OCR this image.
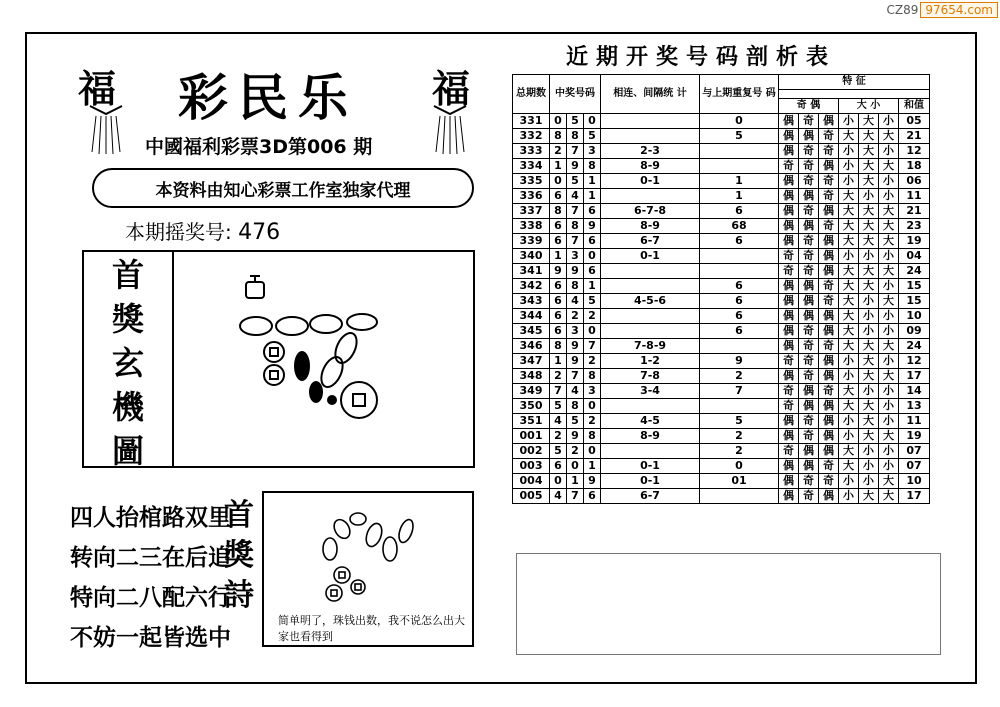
CZ89 97654.com
福	福
彩民乐
中國福利彩票3D第006 期
本资料由知心彩票工作室独家代理
本期摇奖号: 476
首
獎
玄
機
圖
四人抬棺路双里
转向二三在后追
特向二八配六行
不妨一起皆选中
首
獎
詩
简单明了，珠钱出数，我不说怎么出大家也看得到
近期开奖号码剖析表
总期数	中奖号码			相连、间隔统 计	与上期重复号 码	特 征						

						奇 偶			大 小			和值
331	0	5	0		0	偶	奇	偶	小	大	小	05
332	8	8	5		5	偶	偶	奇	大	大	大	21
333	2	7	3	2-3		偶	奇	奇	小	大	小	12
334	1	9	8	8-9		奇	奇	偶	小	大	大	18
335	0	5	1	0-1	1	偶	奇	奇	小	大	小	06
336	6	4	1		1	偶	偶	奇	大	小	小	11
337	8	7	6	6-7-8	6	偶	奇	偶	大	大	大	21
338	6	8	9	8-9	68	偶	偶	奇	大	大	大	23
339	6	7	6	6-7	6	偶	奇	偶	大	大	大	19
340	1	3	0	0-1		奇	奇	偶	小	小	小	04
341	9	9	6			奇	奇	偶	大	大	大	24
342	6	8	1		6	偶	偶	奇	大	大	小	15
343	6	4	5	4-5-6	6	偶	偶	奇	大	小	大	15
344	6	2	2		6	偶	偶	偶	大	小	小	10
345	6	3	0		6	偶	奇	偶	大	小	小	09
346	8	9	7	7-8-9		偶	奇	奇	大	大	大	24
347	1	9	2	1-2	9	奇	奇	偶	小	大	小	12
348	2	7	8	7-8	2	偶	奇	偶	小	大	大	17
349	7	4	3	3-4	7	奇	偶	奇	大	小	小	14
350	5	8	0			奇	偶	偶	大	大	小	13
351	4	5	2	4-5	5	偶	奇	偶	小	大	小	11
001	2	9	8	8-9	2	偶	奇	偶	小	大	大	19
002	5	2	0		2	奇	偶	偶	大	小	小	07
003	6	0	1	0-1	0	偶	偶	奇	大	小	小	07
004	0	1	9	0-1	01	偶	奇	奇	小	小	大	10
005	4	7	6	6-7		偶	奇	偶	小	大	大	17
